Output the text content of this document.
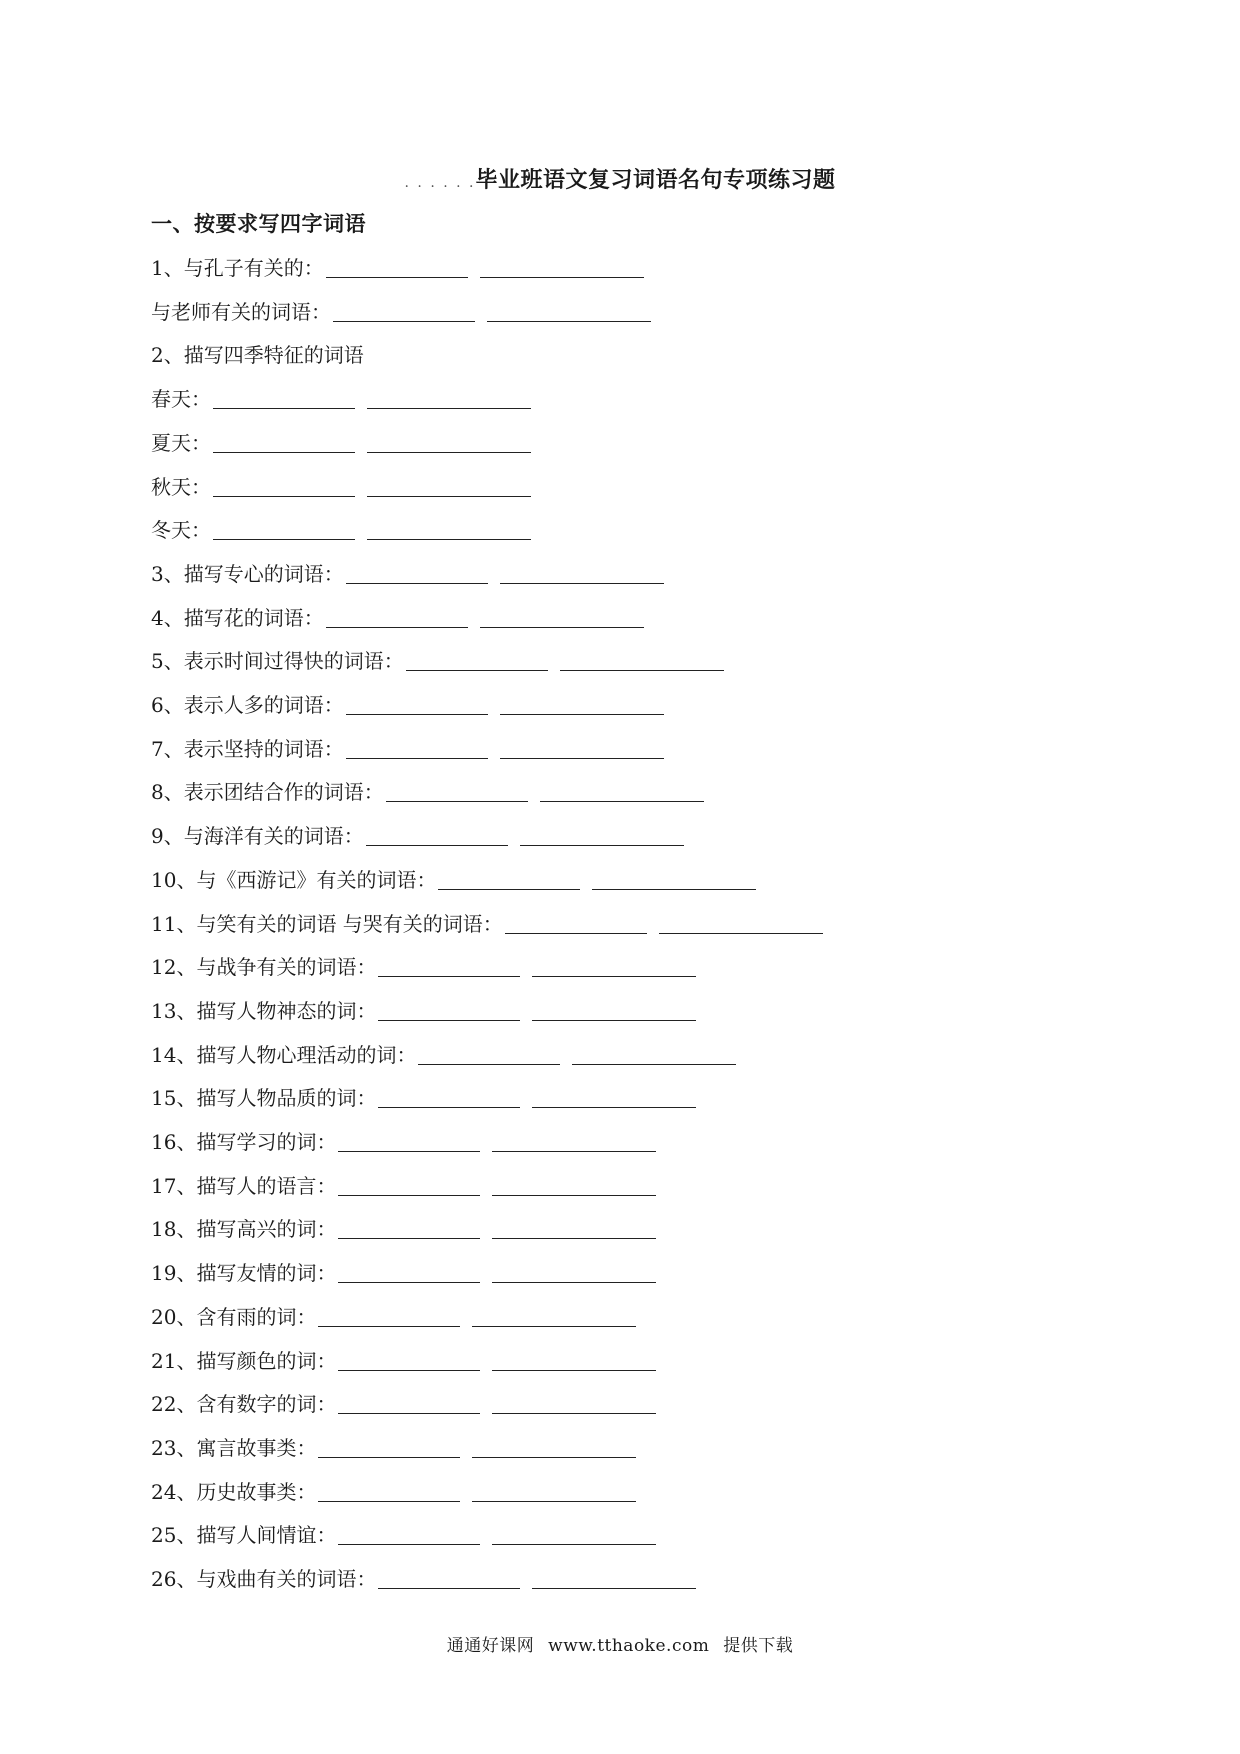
. . . . . .毕业班语文复习词语名句专项练习题
一、按要求写四字词语
1、与孔子有关的：
与老师有关的词语：
2、描写四季特征的词语
春天：
夏天：
秋天：
冬天：
3、描写专心的词语：
4、描写花的词语：
5、表示时间过得快的词语：
6、表示人多的词语：
7、表示坚持的词语：
8、表示团结合作的词语：
9、与海洋有关的词语：
10、与《西游记》有关的词语：
11、与笑有关的词语 与哭有关的词语：
12、与战争有关的词语：
13、描写人物神态的词：
14、描写人物心理活动的词：
15、描写人物品质的词：
16、描写学习的词：
17、描写人的语言：
18、描写高兴的词：
19、描写友情的词：
20、含有雨的词：
21、描写颜色的词：
22、含有数字的词：
23、寓言故事类：
24、历史故事类：
25、描写人间情谊：
26、与戏曲有关的词语：
通通好课网 www.tthaoke.com 提供下载
